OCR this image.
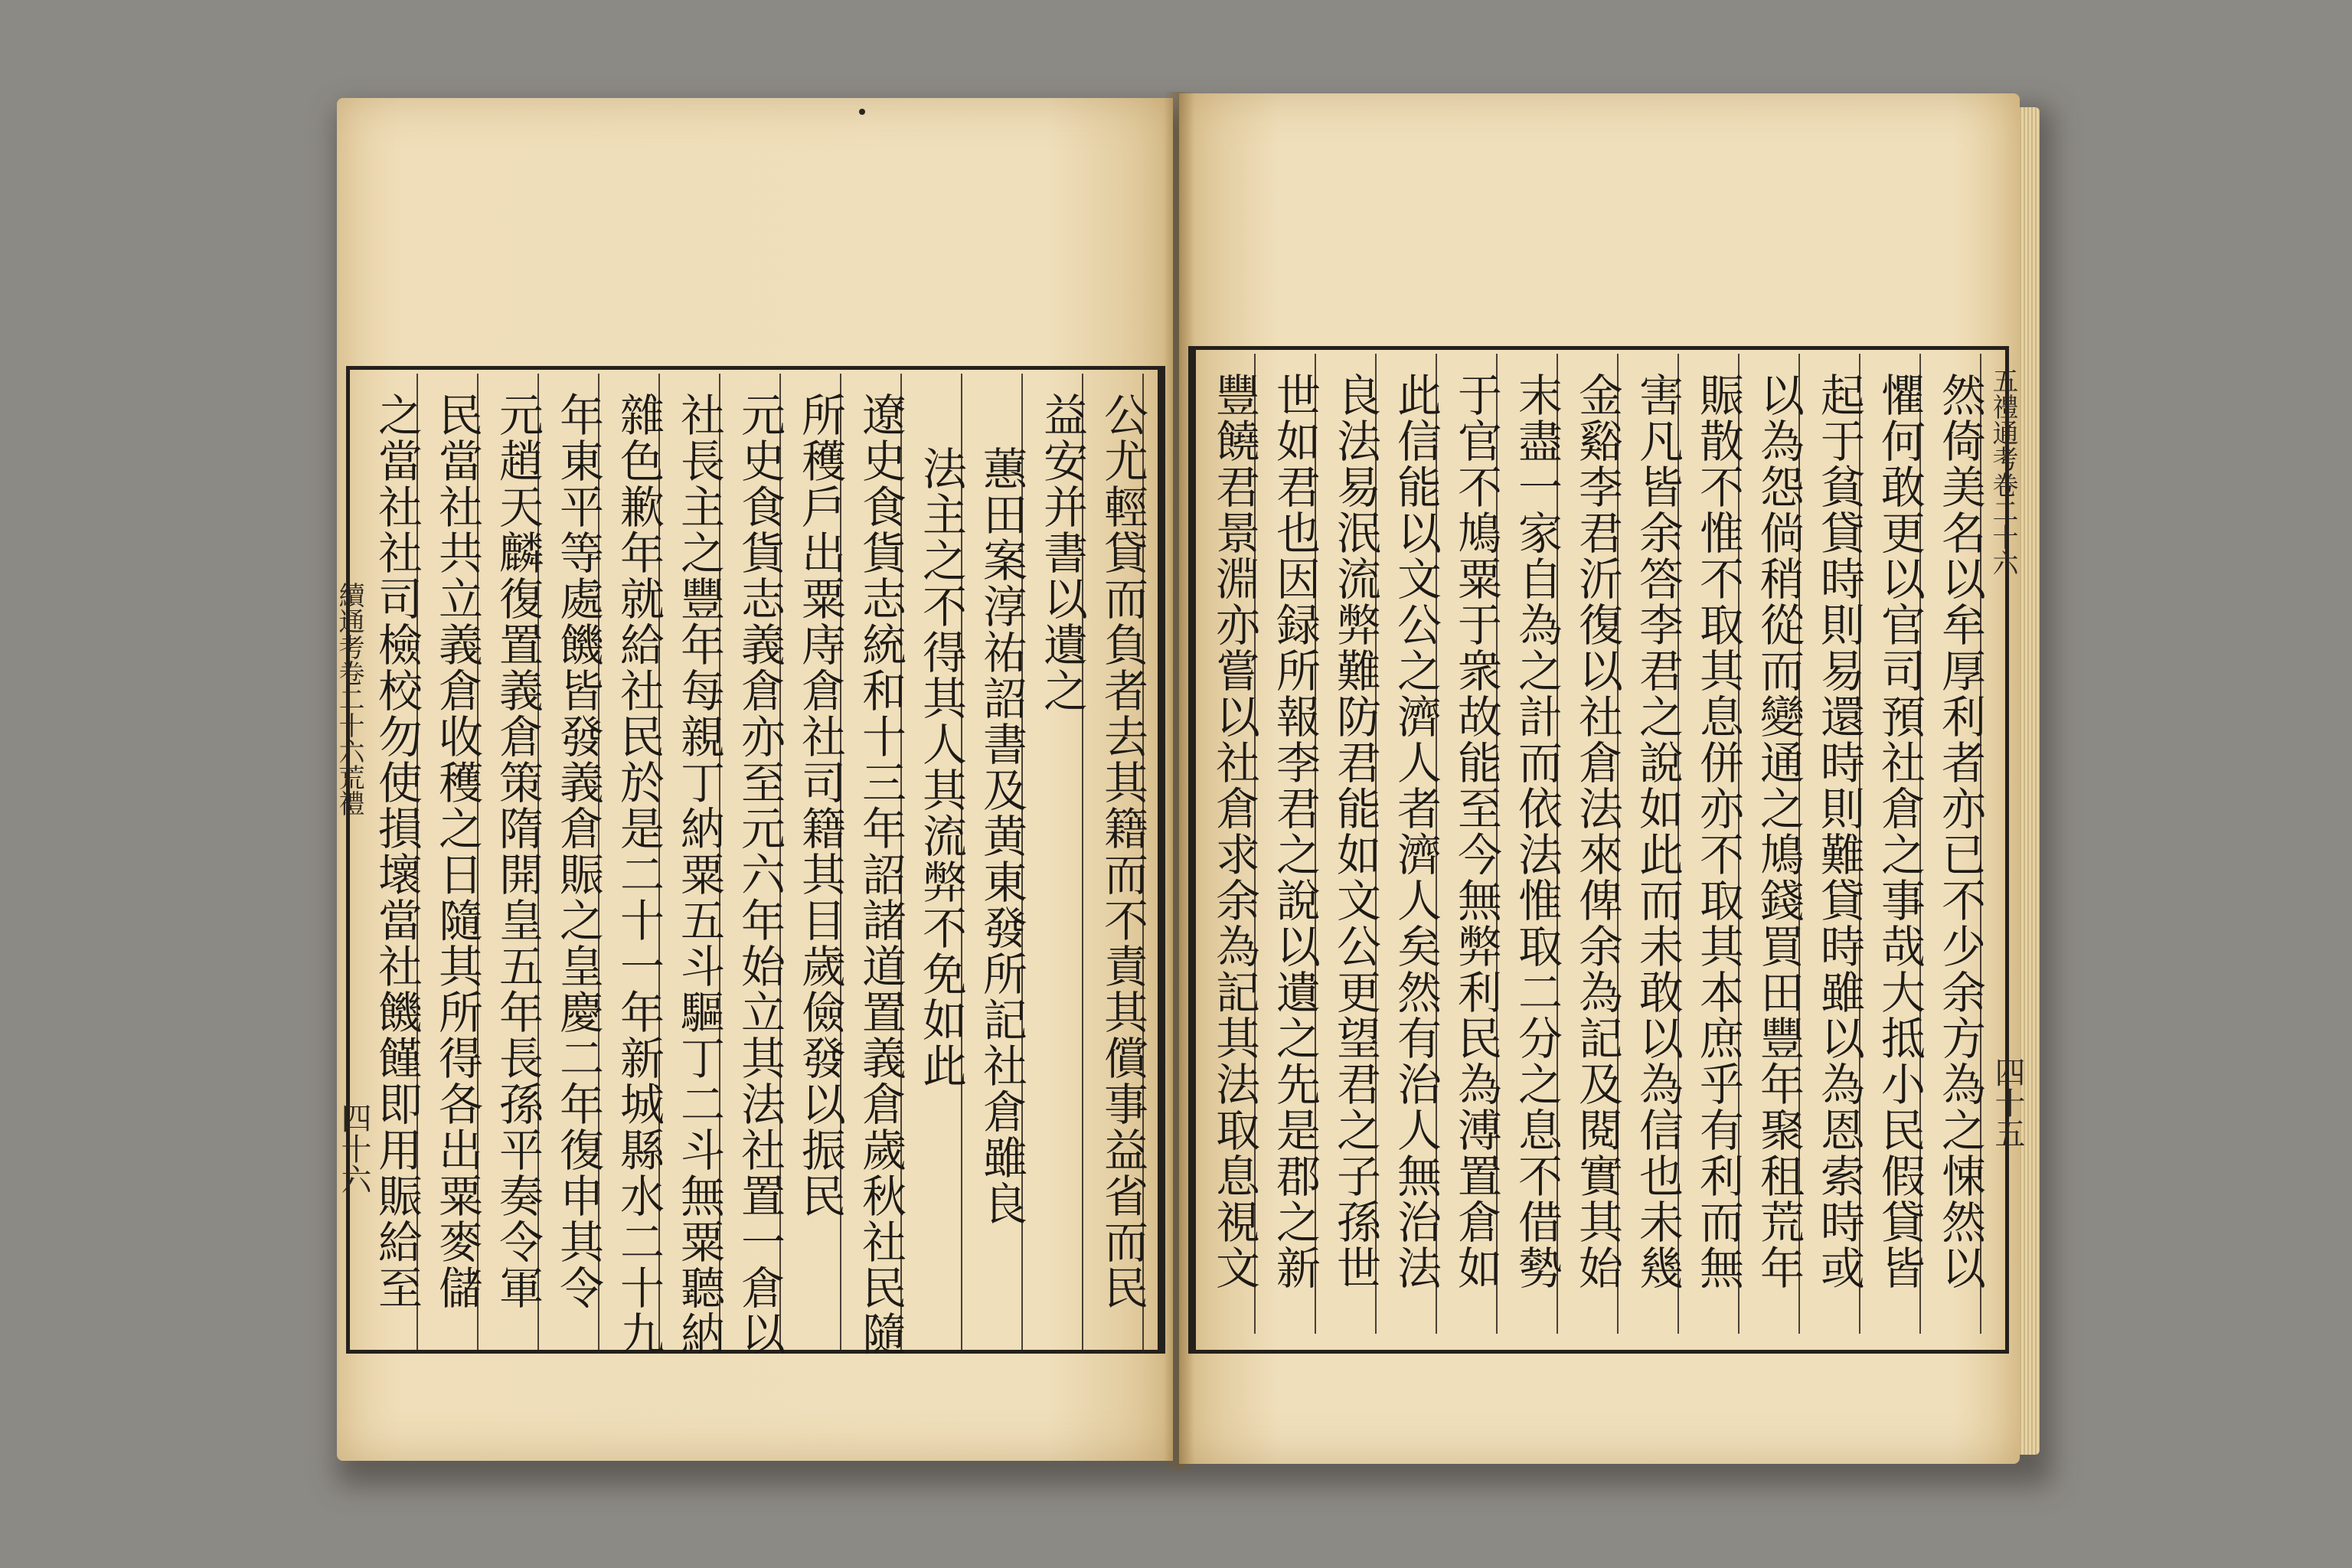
續通考卷二十六荒禮
五禮通考卷二十六
四十六	四十五
公尤輕貸而負者去其籍而不責其償事益省而民
益安并書以遺之
蕙田案淳祐詔書及黄東發所記社倉雖良
法主之不得其人其流弊不免如此
遼史食貨志統和十三年詔諸道置義倉歲秋社民隨
所穫戶出粟庤倉社司籍其目歲儉發以振民
元史食貨志義倉亦至元六年始立其法社置一倉以
社長主之豐年每親丁納粟五斗驅丁二斗無粟聽納
雜色歉年就給社民於是二十一年新城縣水二十九
年東平等處饑皆發義倉賑之皇慶二年復申其令
元趙天麟復置義倉策隋開皇五年長孫平奏令軍
民當社共立義倉收穫之日隨其所得各出粟麥儲
之當社社司檢校勿使損壞當社饑饉即用賑給至	然倚美名以牟厚利者亦已不少余方為之悚然以
懼何敢更以官司預社倉之事哉大抵小民假貸皆
起于貧貸時則易還時則難貸時雖以為恩索時或
以為怨倘稍從而變通之鳩錢買田豐年聚租荒年
賑散不惟不取其息併亦不取其本庶乎有利而無
害凡皆余答李君之說如此而未敢以為信也未幾
金谿李君沂復以社倉法來俾余為記及閱實其始
末盡一家自為之計而依法惟取二分之息不借勢
于官不鳩粟于衆故能至今無弊利民為溥置倉如
此信能以文公之濟人者濟人矣然有治人無治法
良法易泯流弊難防君能如文公更望君之子孫世
世如君也因録所報李君之說以遺之先是郡之新
豐饒君景淵亦嘗以社倉求余為記其法取息視文
